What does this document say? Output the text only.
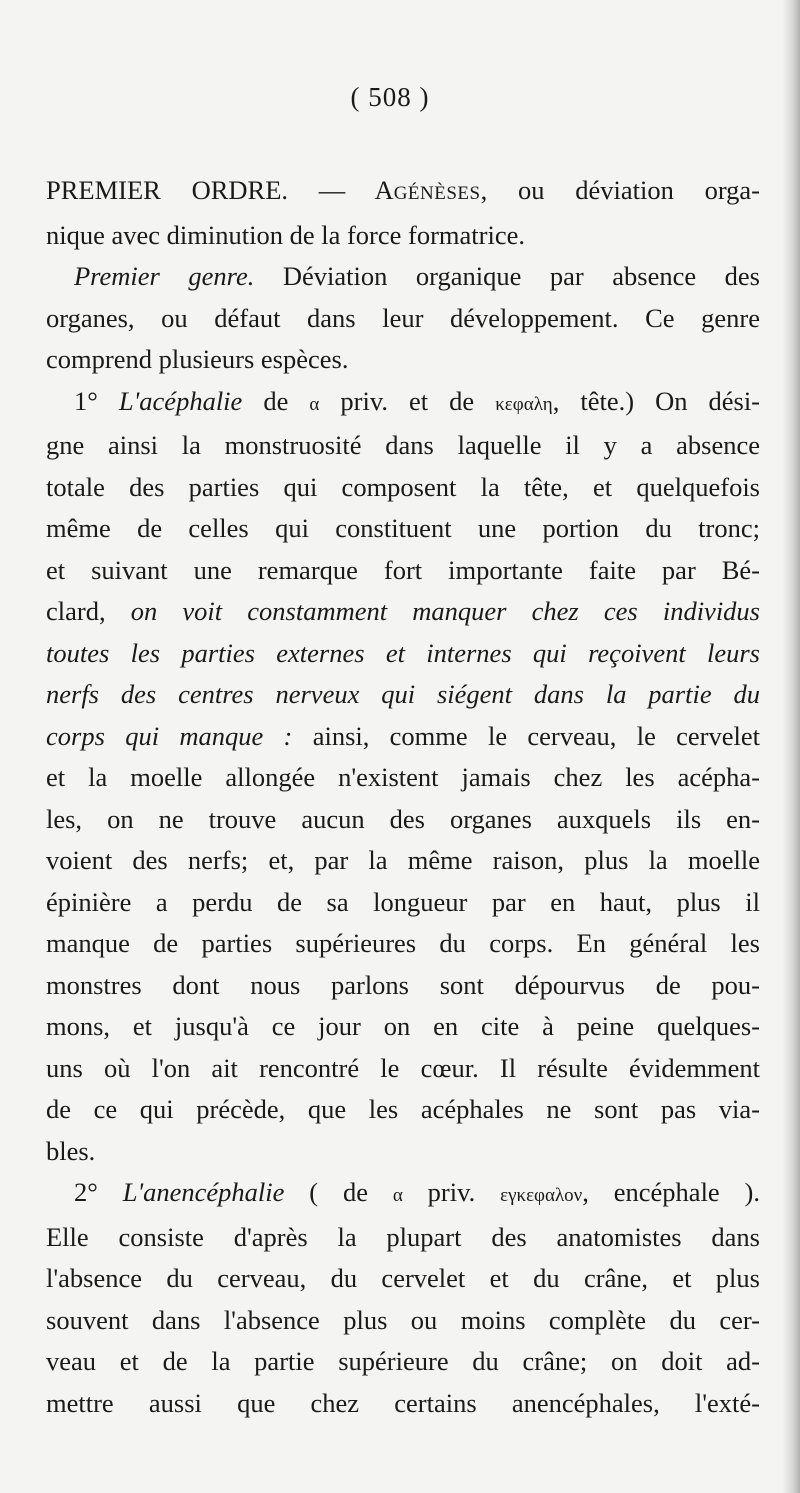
( 508 )
PREMIER ORDRE. — AGÉNÈSES, ou déviation orga-
nique avec diminution de la force formatrice.
Premier genre. Déviation organique par absence des
organes, ou défaut dans leur développement. Ce genre
comprend plusieurs espèces.
1° L'acéphalie de α priv. et de κεφαλη, tête.) On dési-
gne ainsi la monstruosité dans laquelle il y a absence
totale des parties qui composent la tête, et quelquefois
même de celles qui constituent une portion du tronc;
et suivant une remarque fort importante faite par Bé-
clard, on voit constamment manquer chez ces individus
toutes les parties externes et internes qui reçoivent leurs
nerfs des centres nerveux qui siégent dans la partie du
corps qui manque : ainsi, comme le cerveau, le cervelet
et la moelle allongée n'existent jamais chez les acépha-
les, on ne trouve aucun des organes auxquels ils en-
voient des nerfs; et, par la même raison, plus la moelle
épinière a perdu de sa longueur par en haut, plus il
manque de parties supérieures du corps. En général les
monstres dont nous parlons sont dépourvus de pou-
mons, et jusqu'à ce jour on en cite à peine quelques-
uns où l'on ait rencontré le cœur. Il résulte évidemment
de ce qui précède, que les acéphales ne sont pas via-
bles.
2° L'anencéphalie ( de α priv. εγκεφαλον, encéphale ).
Elle consiste d'après la plupart des anatomistes dans
l'absence du cerveau, du cervelet et du crâne, et plus
souvent dans l'absence plus ou moins complète du cer-
veau et de la partie supérieure du crâne; on doit ad-
mettre aussi que chez certains anencéphales, l'exté-
